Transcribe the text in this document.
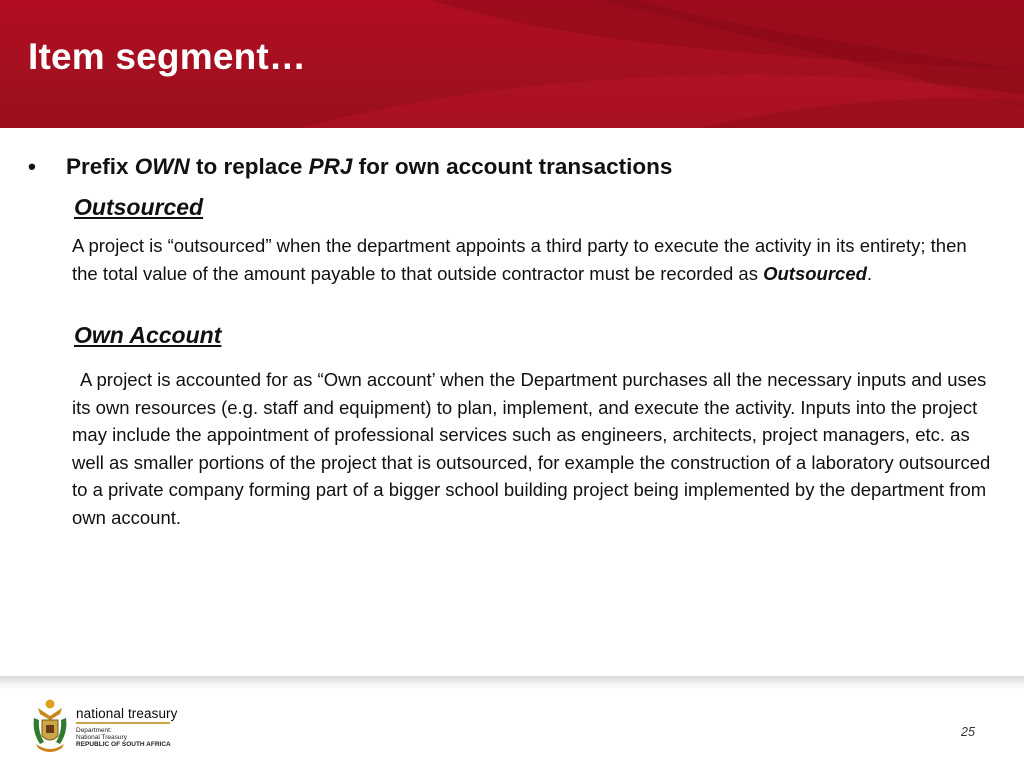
Item segment…
• Prefix OWN to replace PRJ for own account transactions
Outsourced
A project is “outsourced” when the department appoints a third party to execute the activity in its entirety; then the total value of the amount payable to that outside contractor must be recorded as Outsourced.
Own Account
A project is accounted for as “Own account’ when the Department purchases all the necessary inputs and uses its own resources (e.g. staff and equipment) to plan, implement, and execute the activity. Inputs into the project may include the appointment of professional services such as engineers, architects, project managers, etc. as well as smaller portions of the project that is outsourced, for example the construction of a laboratory outsourced to a private company forming part of a bigger school building project being implemented by the department from own account.
national treasury
Department:
National Treasury
REPUBLIC OF SOUTH AFRICA
25
